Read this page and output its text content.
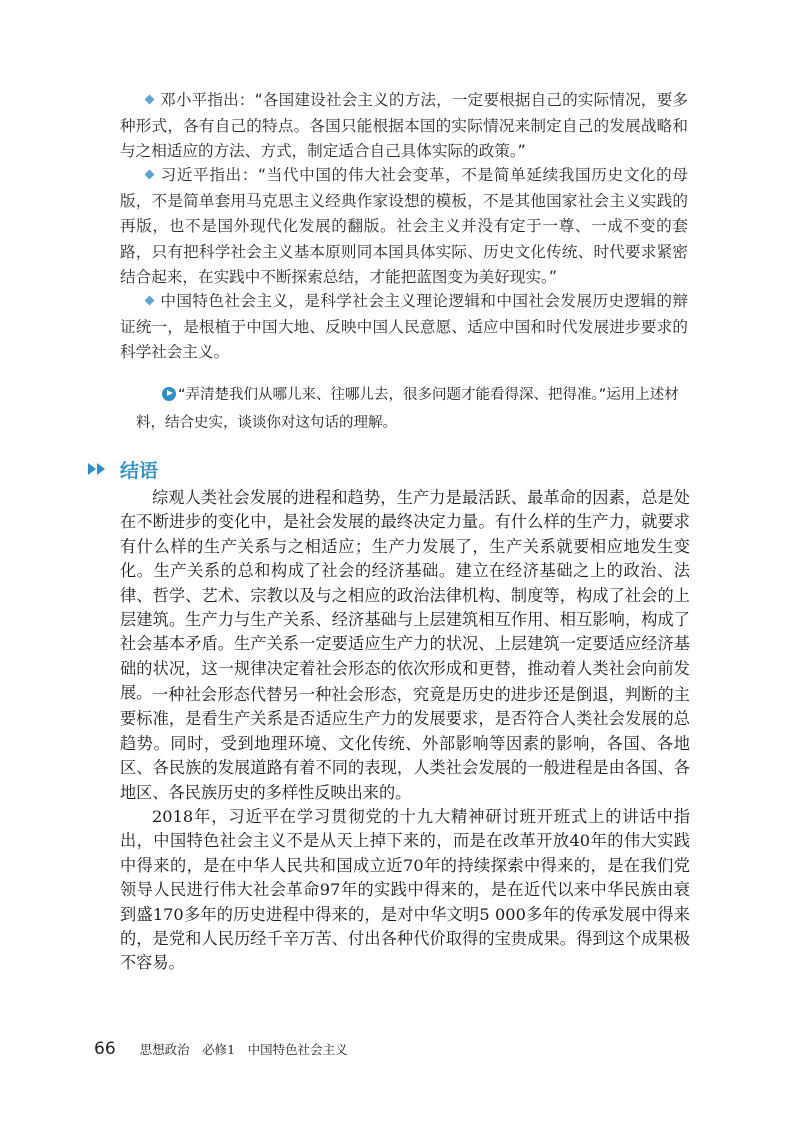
邓小平指出：“各国建设社会主义的方法，一定要根据自己的实际情况，要多种形式，各有自己的特点。各国只能根据本国的实际情况来制定自己的发展战略和与之相适应的方法、方式，制定适合自己具体实际的政策。”

习近平指出：“当代中国的伟大社会变革，不是简单延续我国历史文化的母版，不是简单套用马克思主义经典作家设想的模板，不是其他国家社会主义实践的再版，也不是国外现代化发展的翻版。社会主义并没有定于一尊、一成不变的套路，只有把科学社会主义基本原则同本国具体实际、历史文化传统、时代要求紧密结合起来，在实践中不断探索总结，才能把蓝图变为美好现实。”

中国特色社会主义，是科学社会主义理论逻辑和中国社会发展历史逻辑的辩证统一，是根植于中国大地、反映中国人民意愿、适应中国和时代发展进步要求的科学社会主义。

“弄清楚我们从哪儿来、往哪儿去，很多问题才能看得深、把得准。”运用上述材料，结合史实，谈谈你对这句话的理解。

结语

综观人类社会发展的进程和趋势，生产力是最活跃、最革命的因素，总是处在不断进步的变化中，是社会发展的最终决定力量。有什么样的生产力，就要求有什么样的生产关系与之相适应；生产力发展了，生产关系就要相应地发生变化。生产关系的总和构成了社会的经济基础。建立在经济基础之上的政治、法律、哲学、艺术、宗教以及与之相应的政治法律机构、制度等，构成了社会的上层建筑。生产力与生产关系、经济基础与上层建筑相互作用、相互影响，构成了社会基本矛盾。生产关系一定要适应生产力的状况、上层建筑一定要适应经济基础的状况，这一规律决定着社会形态的依次形成和更替，推动着人类社会向前发展。 一种社会形态代替另一种社会形态，究竟是历史的进步还是倒退，判断的主要标准，是看生产关系是否适应生产力的发展要求，是否符合人类社会发展的总趋势。同时，受到地理环境、文化传统、外部影响等因素的影响，各国、各地区、各民族的发展道路有着不同的表现，人类社会发展的一般进程是由各国、各地区、各民族历史的多样性反映出来的。

2018年，习近平在学习贯彻党的十九大精神研讨班开班式上的讲话中指出，中国特色社会主义不是从天上掉下来的，而是在改革开放40年的伟大实践中得来的，是在中华人民共和国成立近70年的持续探索中得来的，是在我们党领导人民进行伟大社会革命97年的实践中得来的，是在近代以来中华民族由衰到盛170多年的历史进程中得来的，是对中华文明5 000多年的传承发展中得来的，是党和人民历经千辛万苦、付出各种代价取得的宝贵成果。得到这个成果极不容易。

66 思想政治　必修1　中国特色社会主义
